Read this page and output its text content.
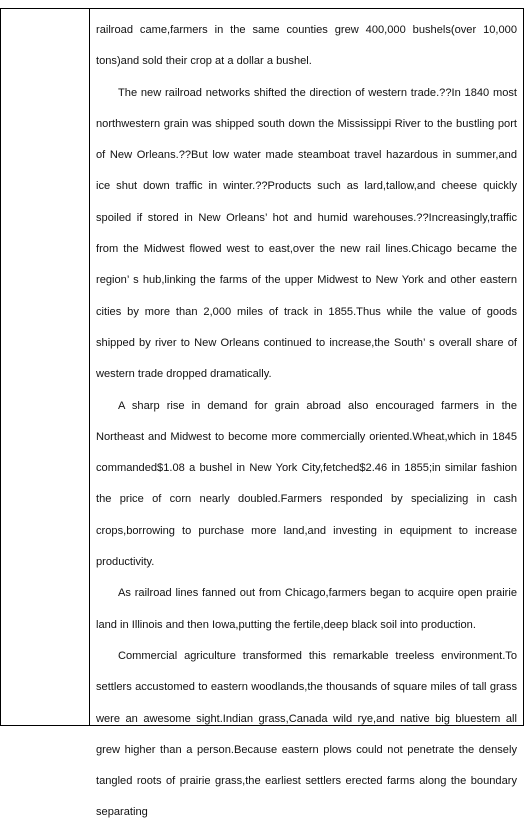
railroad came,farmers in the same counties grew 400,000 bushels(over 10,000 tons)and sold their crop at a dollar a bushel.

The new railroad networks shifted the direction of western trade.??In 1840 most northwestern grain was shipped south down the Mississippi River to the bustling port of New Orleans.??But low water made steamboat travel hazardous in summer,and ice shut down traffic in winter.??Products such as lard,tallow,and cheese quickly spoiled if stored in New Orleans’ hot and humid warehouses.??Increasingly,traffic from the Midwest flowed west to east,over the new rail lines.Chicago became the region’ s hub,linking the farms of the upper Midwest to New York and other eastern cities by more than 2,000 miles of track in 1855.Thus while the value of goods shipped by river to New Orleans continued to increase,the South’ s overall share of western trade dropped dramatically.

A sharp rise in demand for grain abroad also encouraged farmers in the Northeast and Midwest to become more commercially oriented.Wheat,which in 1845 commanded$1.08 a bushel in New York City,fetched$2.46 in 1855;in similar fashion the price of corn nearly doubled.Farmers responded by specializing in cash crops,borrowing to purchase more land,and investing in equipment to increase productivity.

As railroad lines fanned out from Chicago,farmers began to acquire open prairie land in Illinois and then Iowa,putting the fertile,deep black soil into production.

Commercial agriculture transformed this remarkable treeless environment.To settlers accustomed to eastern woodlands,the thousands of square miles of tall grass were an awesome sight.Indian grass,Canada wild rye,and native big bluestem all grew higher than a person.Because eastern plows could not penetrate the densely tangled roots of prairie grass,the earliest settlers erected farms along the boundary separating
